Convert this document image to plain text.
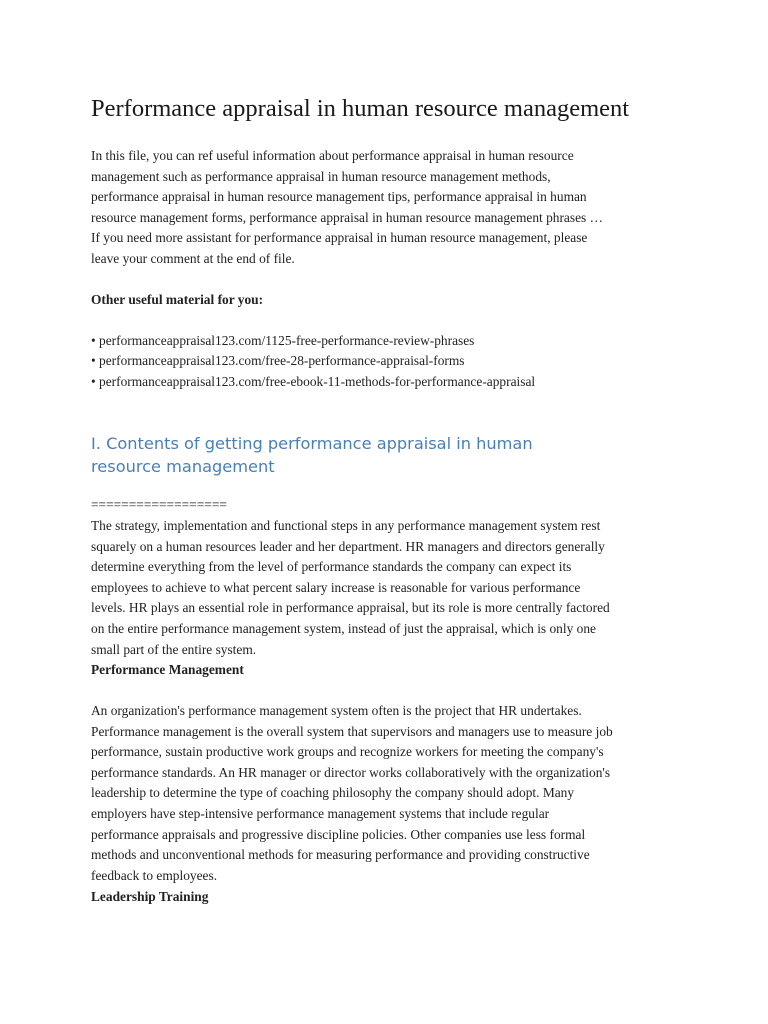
Performance appraisal in human resource management
In this file, you can ref useful information about performance appraisal in human resource
management such as performance appraisal in human resource management methods,
performance appraisal in human resource management tips, performance appraisal in human
resource management forms, performance appraisal in human resource management phrases …
If you need more assistant for performance appraisal in human resource management, please
leave your comment at the end of file.
Other useful material for you:
• performanceappraisal123.com/1125-free-performance-review-phrases
• performanceappraisal123.com/free-28-performance-appraisal-forms
• performanceappraisal123.com/free-ebook-11-methods-for-performance-appraisal
I. Contents of getting performance appraisal in human
resource management
==================
The strategy, implementation and functional steps in any performance management system rest
squarely on a human resources leader and her department. HR managers and directors generally
determine everything from the level of performance standards the company can expect its
employees to achieve to what percent salary increase is reasonable for various performance
levels. HR plays an essential role in performance appraisal, but its role is more centrally factored
on the entire performance management system, instead of just the appraisal, which is only one
small part of the entire system.
Performance Management
An organization's performance management system often is the project that HR undertakes.
Performance management is the overall system that supervisors and managers use to measure job
performance, sustain productive work groups and recognize workers for meeting the company's
performance standards. An HR manager or director works collaboratively with the organization's
leadership to determine the type of coaching philosophy the company should adopt. Many
employers have step-intensive performance management systems that include regular
performance appraisals and progressive discipline policies. Other companies use less formal
methods and unconventional methods for measuring performance and providing constructive
feedback to employees.
Leadership Training
